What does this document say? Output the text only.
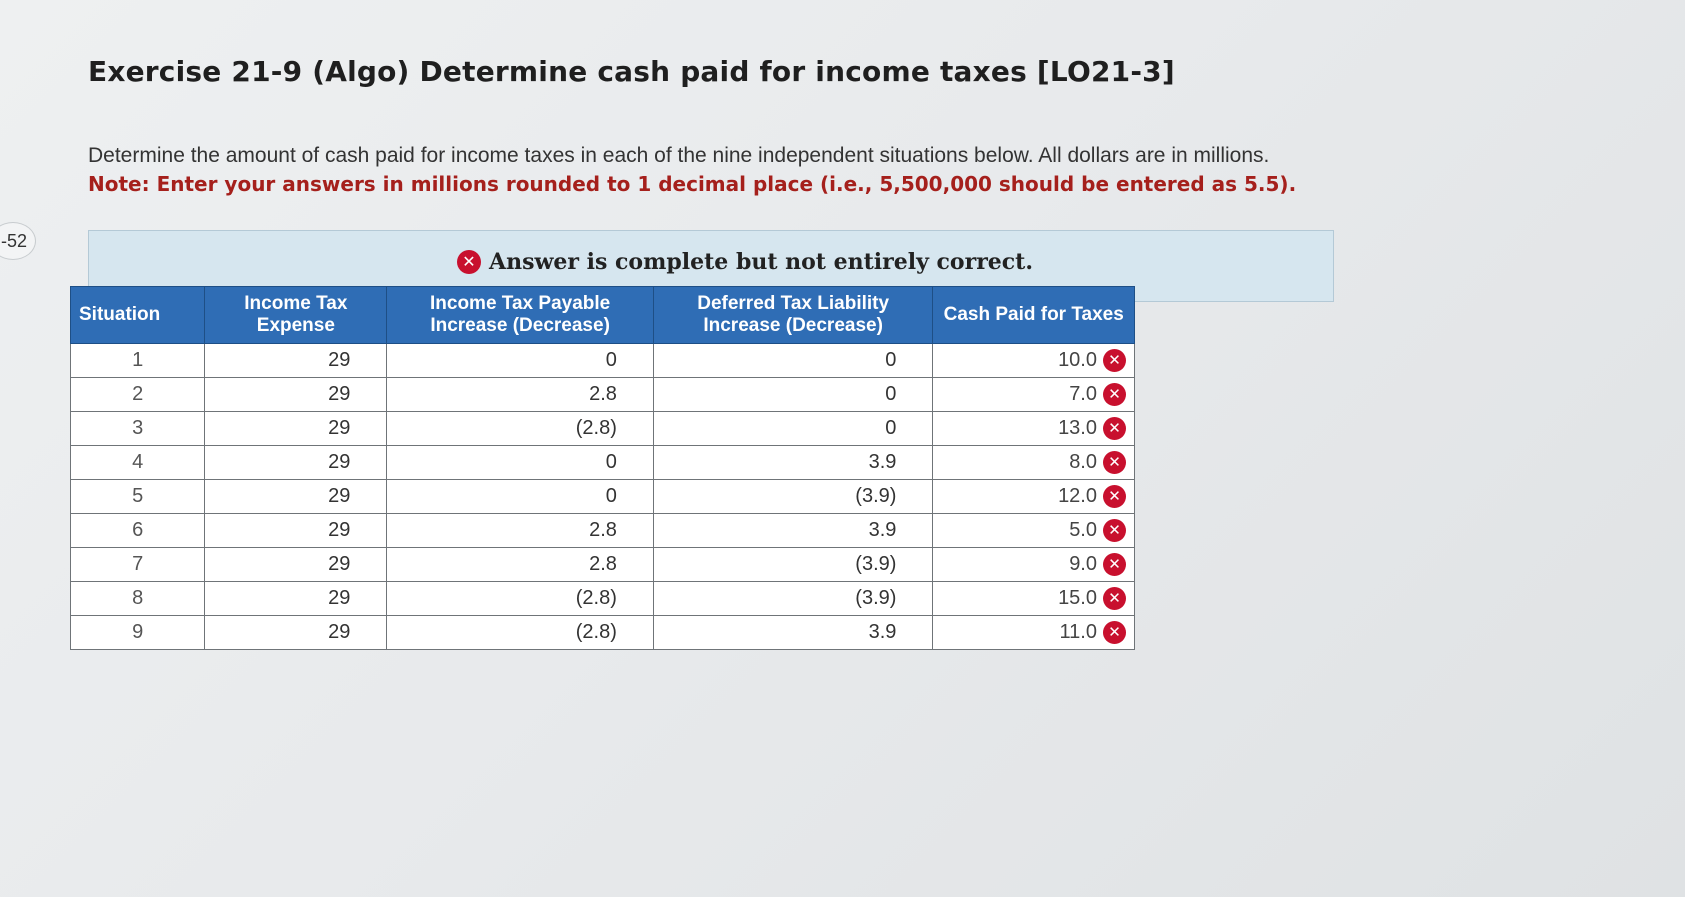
-52
Exercise 21-9 (Algo) Determine cash paid for income taxes [LO21-3]
Determine the amount of cash paid for income taxes in each of the nine independent situations below. All dollars are in millions.
Note: Enter your answers in millions rounded to 1 decimal place (i.e., 5,500,000 should be entered as 5.5).
✕ Answer is complete but not entirely correct.
Situation	Income Tax Expense	Income Tax Payable Increase (Decrease)	Deferred Tax Liability Increase (Decrease)	Cash Paid for Taxes
1	29	0	0	10.0 ✕

2	29	2.8	0	7.0 ✕

3	29	(2.8)	0	13.0 ✕

4	29	0	3.9	8.0 ✕

5	29	0	(3.9)	12.0 ✕

6	29	2.8	3.9	5.0 ✕

7	29	2.8	(3.9)	9.0 ✕

8	29	(2.8)	(3.9)	15.0 ✕

9	29	(2.8)	3.9	11.0 ✕
